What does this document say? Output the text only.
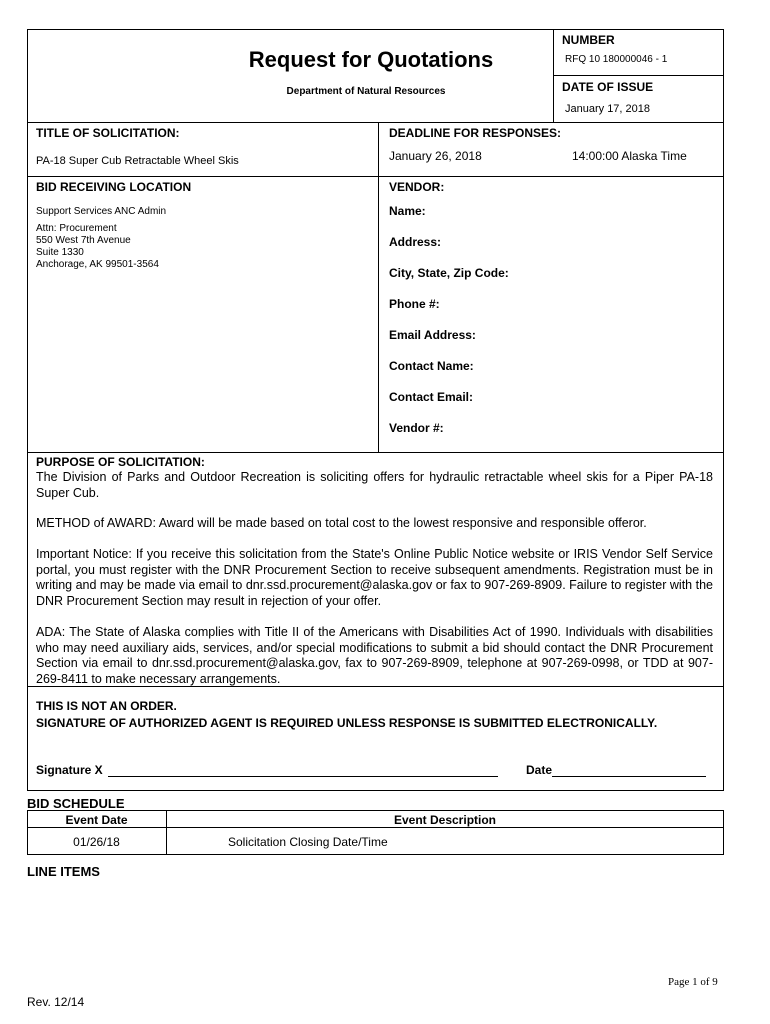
Request for Quotations
Department of Natural Resources
NUMBER
RFQ 10 180000046 - 1
DATE OF ISSUE
January 17, 2018
TITLE OF SOLICITATION:
PA-18 Super Cub Retractable Wheel Skis
DEADLINE FOR RESPONSES:
January 26, 2018	14:00:00 Alaska Time
BID RECEIVING LOCATION
Support Services ANC Admin
Attn: Procurement
550 West 7th Avenue
Suite 1330
Anchorage, AK 99501-3564
VENDOR:
Name:
Address:
City, State, Zip Code:
Phone #:
Email Address:
Contact Name:
Contact Email:
Vendor #:
PURPOSE OF SOLICITATION:

The Division of Parks and Outdoor Recreation is soliciting offers for hydraulic retractable wheel skis for a Piper PA-18 Super Cub.

METHOD of AWARD: Award will be made based on total cost to the lowest responsive and responsible offeror.

Important Notice: If you receive this solicitation from the State's Online Public Notice website or IRIS Vendor Self Service portal, you must register with the DNR Procurement Section to receive subsequent amendments. Registration must be in writing and may be made via email to dnr.ssd.procurement@alaska.gov or fax to 907-269-8909. Failure to register with the DNR Procurement Section may result in rejection of your offer.

ADA: The State of Alaska complies with Title II of the Americans with Disabilities Act of 1990. Individuals with disabilities who may need auxiliary aids, services, and/or special modifications to submit a bid should contact the DNR Procurement Section via email to dnr.ssd.procurement@alaska.gov, fax to 907-269-8909, telephone at 907-269-0998, or TDD at 907-269-8411 to make necessary arrangements.

THIS IS NOT AN ORDER.
SIGNATURE OF AUTHORIZED AGENT IS REQUIRED UNLESS RESPONSE IS SUBMITTED ELECTRONICALLY.
Signature X	Date
BID SCHEDULE
Event Date	Event Description
01/26/18	Solicitation Closing Date/Time
LINE ITEMS
Page 1 of 9
Rev. 12/14
